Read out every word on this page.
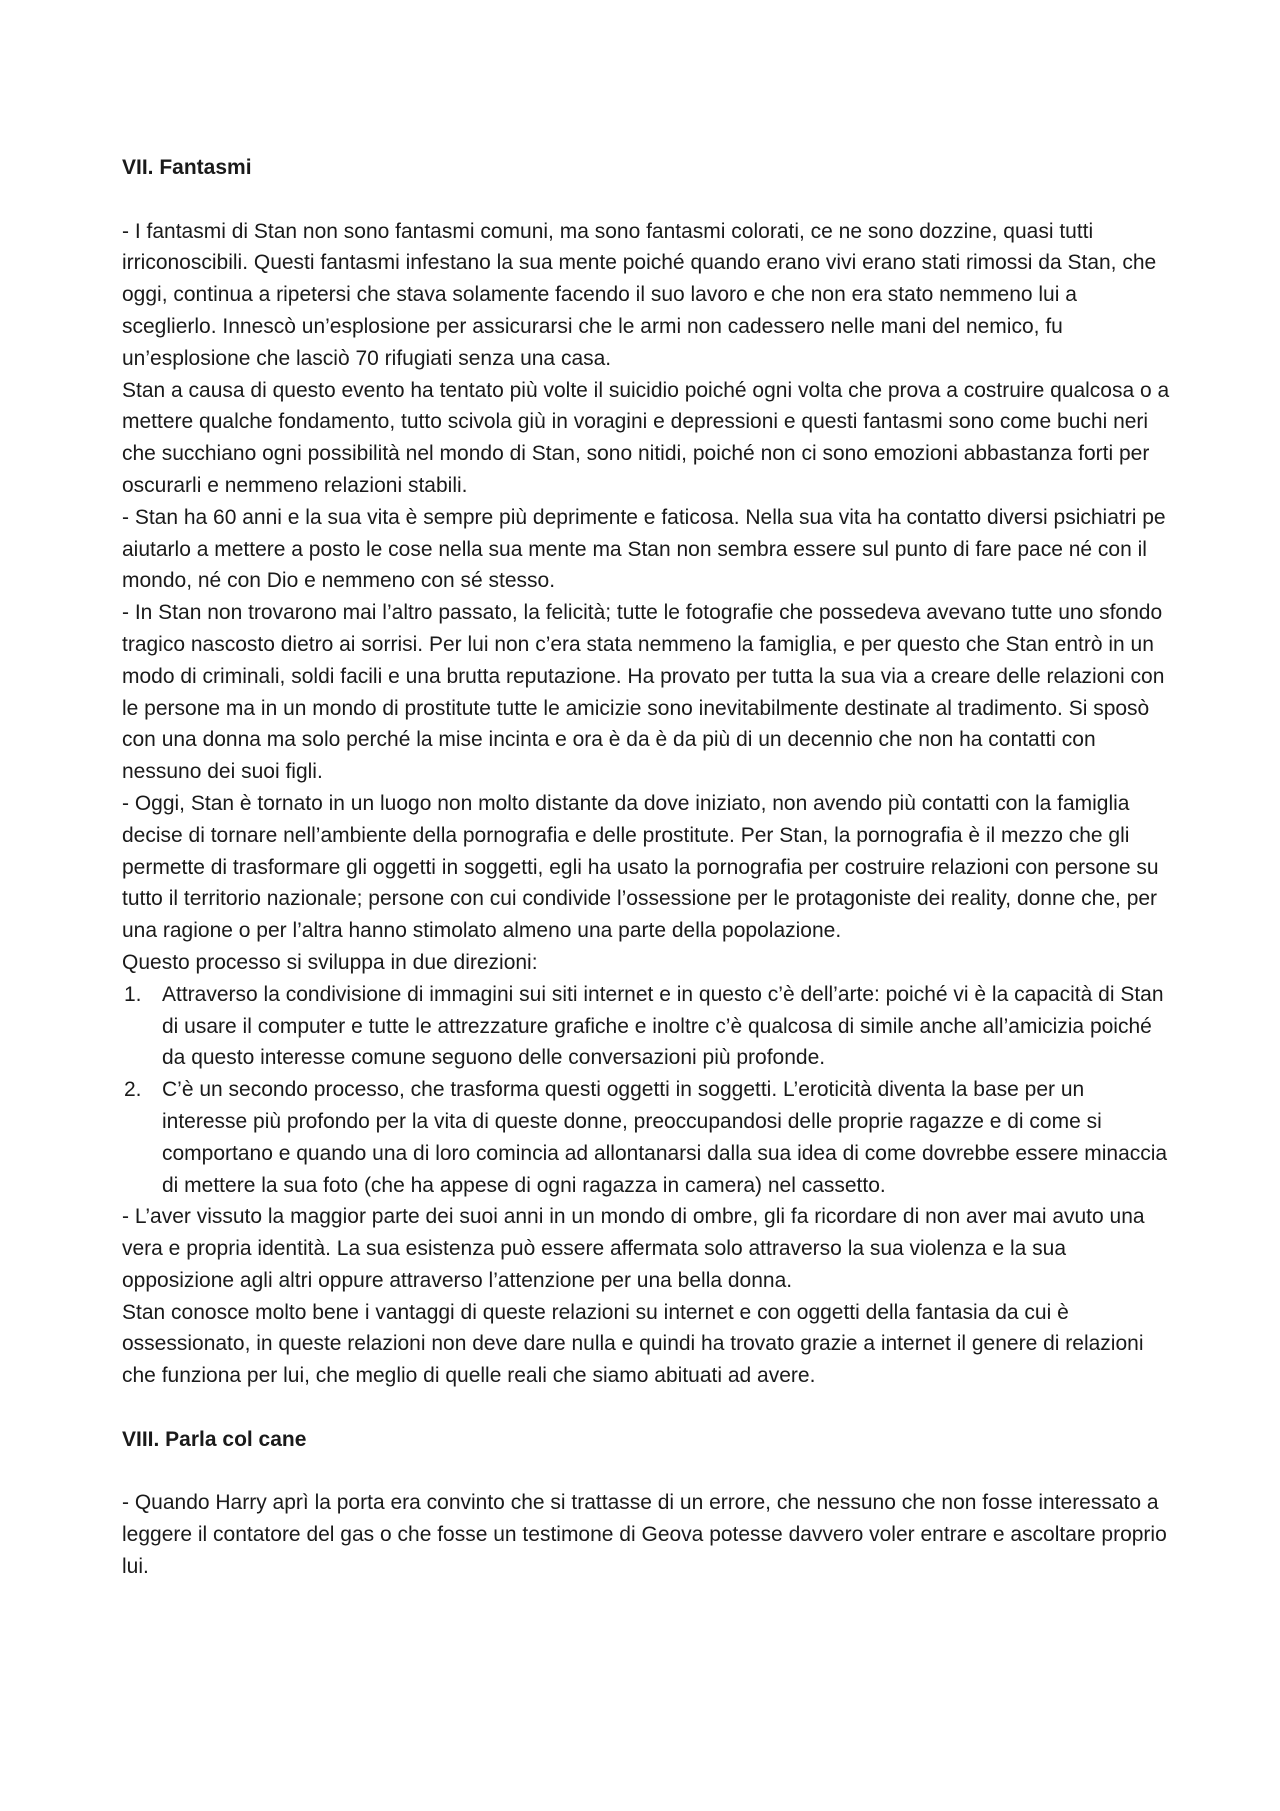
VII. Fantasmi

- I fantasmi di Stan non sono fantasmi comuni, ma sono fantasmi colorati, ce ne sono dozzine, quasi tutti irriconoscibili. Questi fantasmi infestano la sua mente poiché quando erano vivi erano stati rimossi da Stan, che oggi, continua a ripetersi che stava solamente facendo il suo lavoro e che non era stato nemmeno lui a sceglierlo. Innescò un’esplosione per assicurarsi che le armi non cadessero nelle mani del nemico, fu un’esplosione che lasciò 70 rifugiati senza una casa.

Stan a causa di questo evento ha tentato più volte il suicidio poiché ogni volta che prova a costruire qualcosa o a mettere qualche fondamento, tutto scivola giù in voragini e depressioni e questi fantasmi sono come buchi neri che succhiano ogni possibilità nel mondo di Stan, sono nitidi, poiché non ci sono emozioni abbastanza forti per oscurarli e nemmeno relazioni stabili.

- Stan ha 60 anni e la sua vita è sempre più deprimente e faticosa. Nella sua vita ha contatto diversi psichiatri pe aiutarlo a mettere a posto le cose nella sua mente ma Stan non sembra essere sul punto di fare pace né con il mondo, né con Dio e nemmeno con sé stesso.

- In Stan non trovarono mai l’altro passato, la felicità; tutte le fotografie che possedeva avevano tutte uno sfondo tragico nascosto dietro ai sorrisi. Per lui non c’era stata nemmeno la famiglia, e per questo che Stan entrò in un modo di criminali, soldi facili e una brutta reputazione. Ha provato per tutta la sua via a creare delle relazioni con le persone ma in un mondo di prostitute tutte le amicizie sono inevitabilmente destinate al tradimento. Si sposò con una donna ma solo perché la mise incinta e ora è da è da più di un decennio che non ha contatti con nessuno dei suoi figli.

- Oggi, Stan è tornato in un luogo non molto distante da dove iniziato, non avendo più contatti con la famiglia decise di tornare nell’ambiente della pornografia e delle prostitute. Per Stan, la pornografia è il mezzo che gli permette di trasformare gli oggetti in soggetti, egli ha usato la pornografia per costruire relazioni con persone su tutto il territorio nazionale; persone con cui condivide l’ossessione per le protagoniste dei reality, donne che, per una ragione o per l’altra hanno stimolato almeno una parte della popolazione.

Questo processo si sviluppa in due direzioni:

1. Attraverso la condivisione di immagini sui siti internet e in questo c’è dell’arte: poiché vi è la capacità di Stan di usare il computer e tutte le attrezzature grafiche e inoltre c’è qualcosa di simile anche all’amicizia poiché da questo interesse comune seguono delle conversazioni più profonde.
2. C’è un secondo processo, che trasforma questi oggetti in soggetti. L’eroticità diventa la base per un interesse più profondo per la vita di queste donne, preoccupandosi delle proprie ragazze e di come si comportano e quando una di loro comincia ad allontanarsi dalla sua idea di come dovrebbe essere minaccia di mettere la sua foto (che ha appese di ogni ragazza in camera) nel cassetto.

- L’aver vissuto la maggior parte dei suoi anni in un mondo di ombre, gli fa ricordare di non aver mai avuto una vera e propria identità. La sua esistenza può essere affermata solo attraverso la sua violenza e la sua opposizione agli altri oppure attraverso l’attenzione per una bella donna.

Stan conosce molto bene i vantaggi di queste relazioni su internet e con oggetti della fantasia da cui è ossessionato, in queste relazioni non deve dare nulla e quindi ha trovato grazie a internet il genere di relazioni che funziona per lui, che meglio di quelle reali che siamo abituati ad avere.

VIII. Parla col cane

- Quando Harry aprì la porta era convinto che si trattasse di un errore, che nessuno che non fosse interessato a leggere il contatore del gas o che fosse un testimone di Geova potesse davvero voler entrare e ascoltare proprio lui.
